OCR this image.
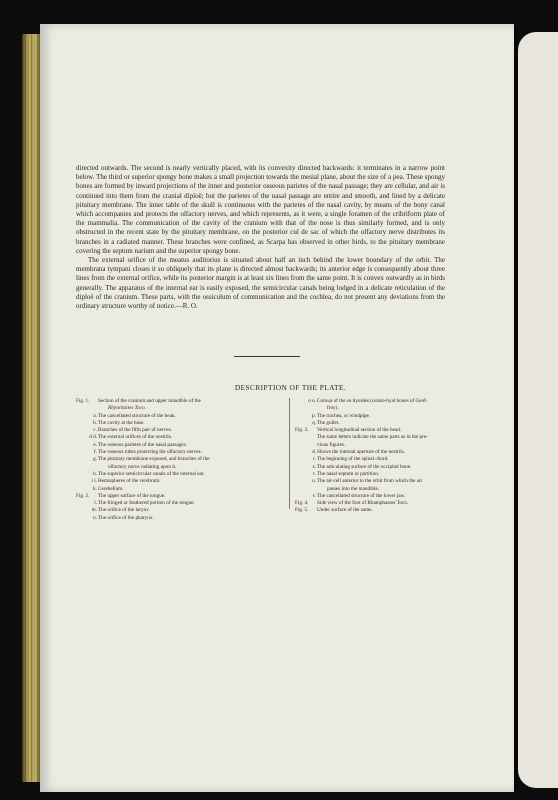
directed outwards. The second is nearly vertically placed, with its convexity directed backwards: it terminates in a narrow point below. The third or superior spongy bone makes a small projection towards the mesial plane, about the size of a pea. These spongy bones are formed by inward projections of the inner and posterior osseous parietes of the nasal passage; they are cellular, and air is continued into them from the cranial diploë; but the parietes of the nasal passage are entire and smooth, and lined by a delicate pituitary membrane. The inner table of the skull is continuous with the parietes of the nasal cavity, by means of the bony canal which accompanies and protects the olfactory nerves, and which represents, as it were, a single foramen of the cribriform plate of the mammalia. The communication of the cavity of the cranium with that of the nose is thus similarly formed, and is only obstructed in the recent state by the pituitary membrane, on the posterior cul de sac of which the olfactory nerve distributes its branches in a radiated manner. These branches were confined, as Scarpa has observed in other birds, to the pituitary membrane covering the septum narium and the superior spongy bone.

The external orifice of the meatus auditorius is situated about half an inch behind the lower boundary of the orbit. The membrana tympani closes it so obliquely that its plane is directed almost backwards; its anterior edge is consequently about three lines from the external orifice, while its posterior margin is at least six lines from the same point. It is convex outwardly as in birds generally. The apparatus of the internal ear is easily exposed, the semicircular canals being lodged in a delicate reticulation of the diploë of the cranium. These parts, with the ossiculum of communication and the cochlea, do not present any deviations from the ordinary structure worthy of notice.—R. O.

DESCRIPTION OF THE PLATE.
Fig. 1.	Section of the cranium and upper mandible of the
Rhynchaites Toco.
a. The cancellated structure of the beak.
b. The cavity at the base.
c. Branches of the fifth pair of nerves.
d d. The external orifices of the nostrils.
e. The osseous parietes of the nasal passages.
f. The osseous tubes protecting the olfactory nerves.
g. The pituitary membrane exposed, and branches of the
olfactory nerve radiating upon it.
h. The superior semicircular canals of the internal ear.
i i. Hemispheres of the cerebrum.
k. Cerebellum.
Fig. 2.	The upper surface of the tongue.
l. The fringed or feathered portion of the tongue.
m. The orifice of the larynx.
n. The orifice of the pharynx.
o o. Cornua of the os hyoides (cerato-hyal bones of Geof-
froy).
p. The trachea, or windpipe.
q. The gullet.
Fig. 3.	Vertical longitudinal section of the head.
The same letters indicate the same parts as in the pre-
vious figures.
d. Shows the internal aperture of the nostrils.
r. The beginning of the spinal chord.
s. The articulating surface of the occipital bone.
t. The nasal septum or partition.
u. The air-cell anterior to the orbit from which the air
passes into the mandible.
v. The cancellated structure of the lower jaw.
Fig. 4.	Side view of the foot of Rhamphastos Toco.
Fig. 5.	Under surface of the same.
